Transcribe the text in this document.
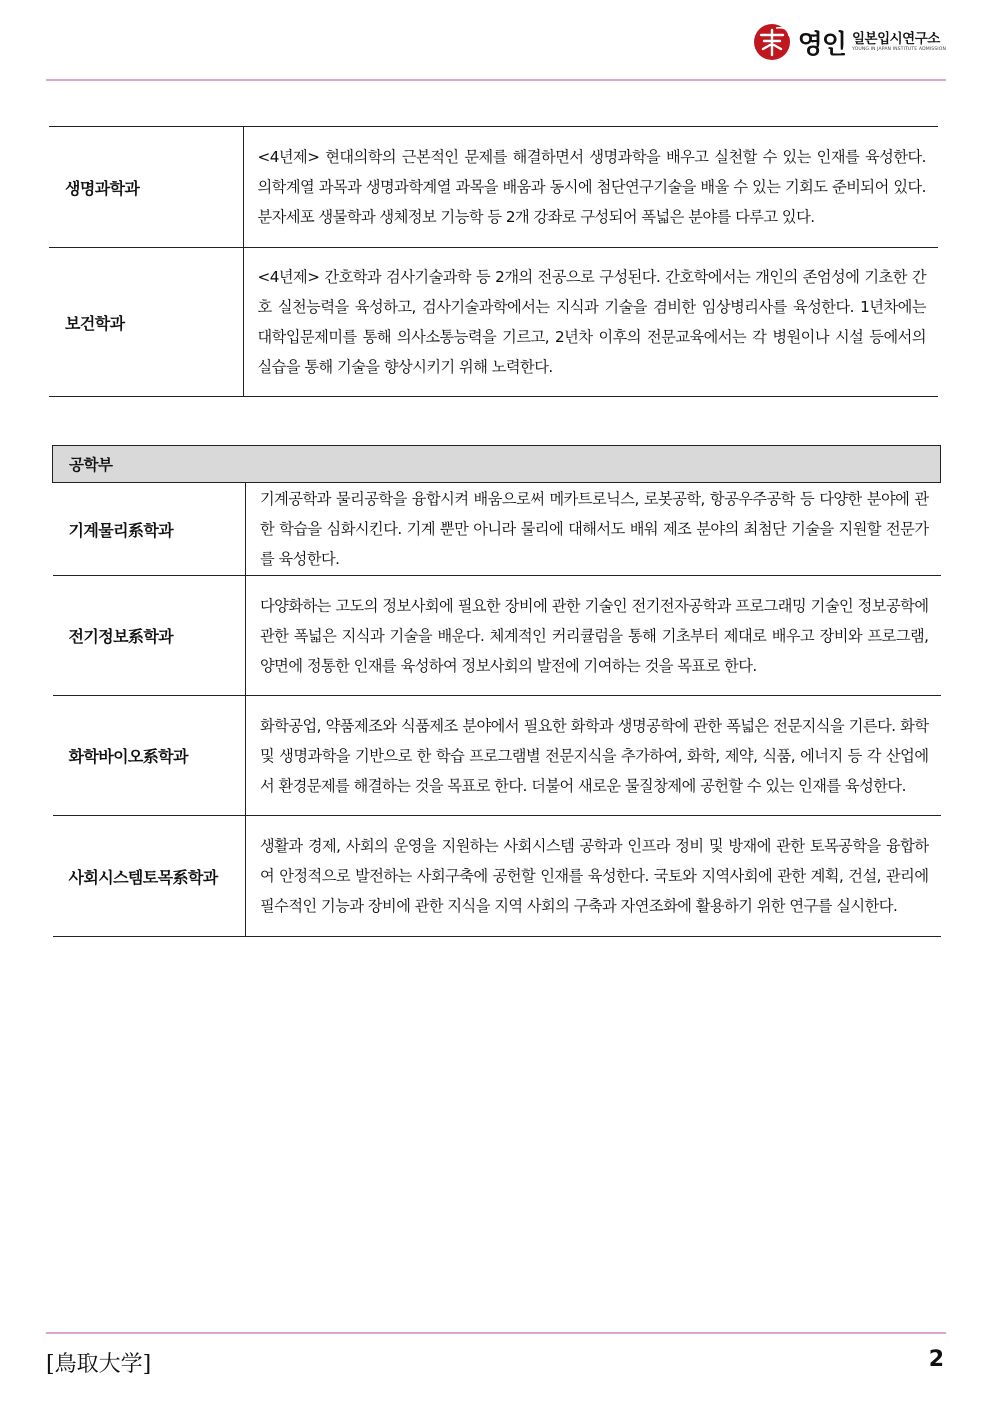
영인 일본입시연구소
YOUNG IN JAPAN INSTITUTE ADMISSION
생명과학과	<4년제> 현대의학의 근본적인 문제를 해결하면서 생명과학을 배우고 실천할 수 있는 인재를 육성한다. 의학계열 과목과 생명과학계열 과목을 배움과 동시에 첨단연구기술을 배울 수 있는 기회도 준비되어 있다. 분자세포 생물학과 생체정보 기능학 등 2개 강좌로 구성되어 폭넓은 분야를 다루고 있다.
보건학과	<4년제> 간호학과 검사기술과학 등 2개의 전공으로 구성된다. 간호학에서는 개인의 존엄성에 기초한 간호 실천능력을 육성하고, 검사기술과학에서는 지식과 기술을 겸비한 임상병리사를 육성한다. 1년차에는 대학입문제미를 통해 의사소통능력을 기르고, 2년차 이후의 전문교육에서는 각 병원이나 시설 등에서의 실습을 통해 기술을 향상시키기 위해 노력한다.
공학부	
기계물리系학과	기계공학과 물리공학을 융합시켜 배움으로써 메카트로닉스, 로봇공학, 항공우주공학 등 다양한 분야에 관한 학습을 심화시킨다. 기계 뿐만 아니라 물리에 대해서도 배워 제조 분야의 최첨단 기술을 지원할 전문가를 육성한다.
전기정보系학과	다양화하는 고도의 정보사회에 필요한 장비에 관한 기술인 전기전자공학과 프로그래밍 기술인 정보공학에 관한 폭넓은 지식과 기술을 배운다. 체계적인 커리큘럼을 통해 기초부터 제대로 배우고 장비와 프로그램, 양면에 정통한 인재를 육성하여 정보사회의 발전에 기여하는 것을 목표로 한다.
화학바이오系학과	화학공업, 약품제조와 식품제조 분야에서 필요한 화학과 생명공학에 관한 폭넓은 전문지식을 기른다. 화학 및 생명과학을 기반으로 한 학습 프로그램별 전문지식을 추가하여, 화학, 제약, 식품, 에너지 등 각 산업에서 환경문제를 해결하는 것을 목표로 한다. 더불어 새로운 물질창제에 공헌할 수 있는 인재를 육성한다.
사회시스템토목系학과	생활과 경제, 사회의 운영을 지원하는 사회시스템 공학과 인프라 정비 및 방재에 관한 토목공학을 융합하여 안정적으로 발전하는 사회구축에 공헌할 인재를 육성한다. 국토와 지역사회에 관한 계획, 건설, 관리에 필수적인 기능과 장비에 관한 지식을 지역 사회의 구축과 자연조화에 활용하기 위한 연구를 실시한다.
[鳥取大学]	2
